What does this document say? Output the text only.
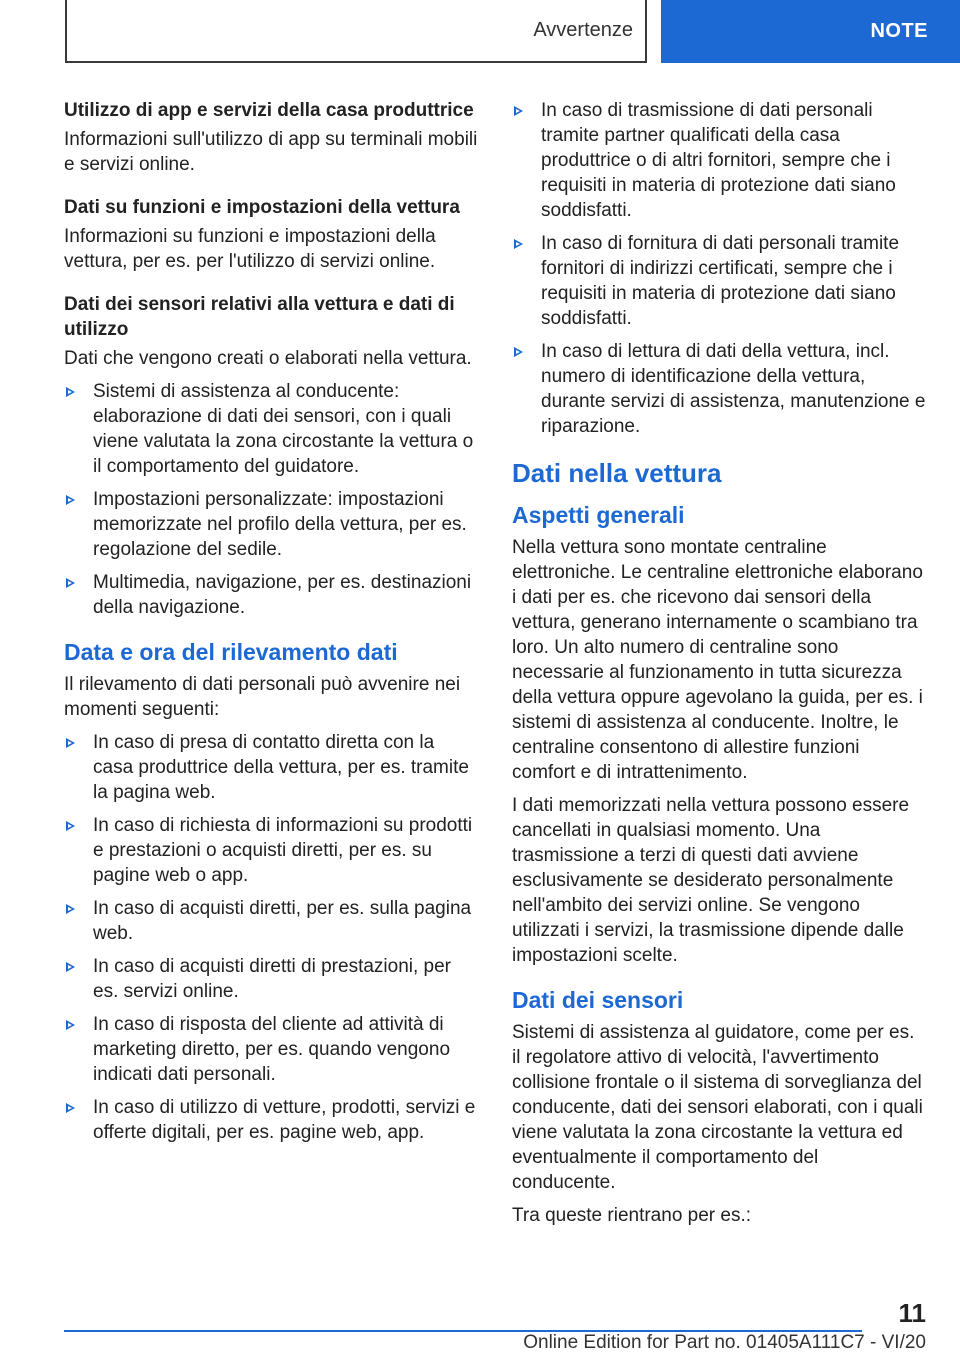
Avvertenze	NOTE
Utilizzo di app e servizi della casa produttrice
Informazioni sull'utilizzo di app su terminali mobili e servizi online.
Dati su funzioni e impostazioni della vettura
Informazioni su funzioni e impostazioni della vettura, per es. per l'utilizzo di servizi online.
Dati dei sensori relativi alla vettura e dati di utilizzo
Dati che vengono creati o elaborati nella vettura.
Sistemi di assistenza al conducente: elaborazione di dati dei sensori, con i quali viene valutata la zona circostante la vettura o il comportamento del guidatore.
Impostazioni personalizzate: impostazioni memorizzate nel profilo della vettura, per es. regolazione del sedile.
Multimedia, navigazione, per es. destinazioni della navigazione.
Data e ora del rilevamento dati
Il rilevamento di dati personali può avvenire nei momenti seguenti:
In caso di presa di contatto diretta con la casa produttrice della vettura, per es. tramite la pagina web.
In caso di richiesta di informazioni su prodotti e prestazioni o acquisti diretti, per es. su pagine web o app.
In caso di acquisti diretti, per es. sulla pagina web.
In caso di acquisti diretti di prestazioni, per es. servizi online.
In caso di risposta del cliente ad attività di marketing diretto, per es. quando vengono indicati dati personali.
In caso di utilizzo di vetture, prodotti, servizi e offerte digitali, per es. pagine web, app.
In caso di trasmissione di dati personali tramite partner qualificati della casa produttrice o di altri fornitori, sempre che i requisiti in materia di protezione dati siano soddisfatti.
In caso di fornitura di dati personali tramite fornitori di indirizzi certificati, sempre che i requisiti in materia di protezione dati siano soddisfatti.
In caso di lettura di dati della vettura, incl. numero di identificazione della vettura, durante servizi di assistenza, manutenzione e riparazione.
Dati nella vettura
Aspetti generali
Nella vettura sono montate centraline elettroniche. Le centraline elettroniche elaborano i dati per es. che ricevono dai sensori della vettura, generano internamente o scambiano tra loro. Un alto numero di centraline sono necessarie al funzionamento in tutta sicurezza della vettura oppure agevolano la guida, per es. i sistemi di assistenza al conducente. Inoltre, le centraline consentono di allestire funzioni comfort e di intrattenimento.
I dati memorizzati nella vettura possono essere cancellati in qualsiasi momento. Una trasmissione a terzi di questi dati avviene esclusivamente se desiderato personalmente nell'ambito dei servizi online. Se vengono utilizzati i servizi, la trasmissione dipende dalle impostazioni scelte.
Dati dei sensori
Sistemi di assistenza al guidatore, come per es. il regolatore attivo di velocità, l'avvertimento collisione frontale o il sistema di sorveglianza del conducente, dati dei sensori elaborati, con i quali viene valutata la zona circostante la vettura ed eventualmente il comportamento del conducente.
Tra queste rientrano per es.:
11
Online Edition for Part no. 01405A111C7 - VI/20
